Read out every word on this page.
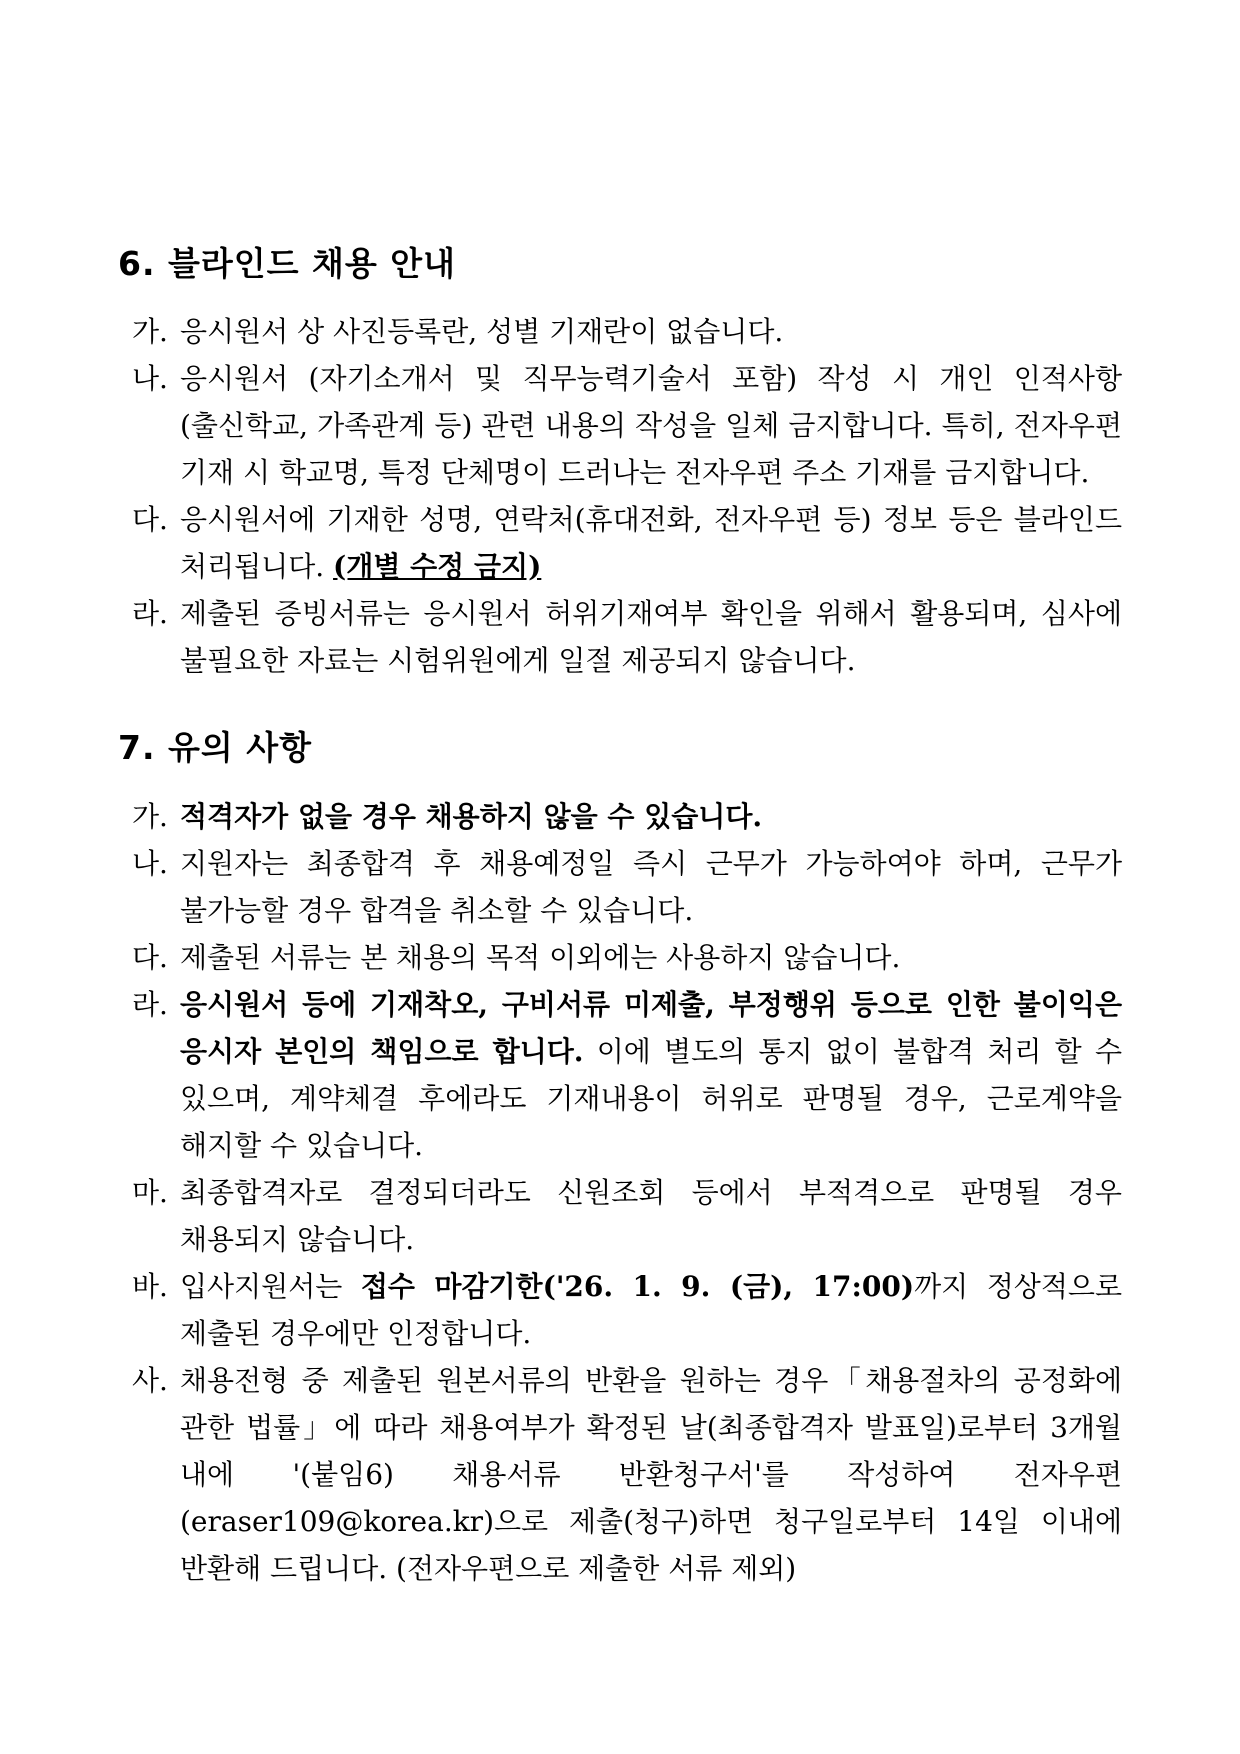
6. 블라인드 채용 안내
가. 응시원서 상 사진등록란, 성별 기재란이 없습니다.
나. 응시원서 (자기소개서 및 직무능력기술서 포함) 작성 시 개인 인적사항(출신학교, 가족관계 등) 관련 내용의 작성을 일체 금지합니다. 특히, 전자우편 기재 시 학교명, 특정 단체명이 드러나는 전자우편 주소 기재를 금지합니다.
다. 응시원서에 기재한 성명, 연락처(휴대전화, 전자우편 등) 정보 등은 블라인드 처리됩니다. (개별 수정 금지)
라. 제출된 증빙서류는 응시원서 허위기재여부 확인을 위해서 활용되며, 심사에 불필요한 자료는 시험위원에게 일절 제공되지 않습니다.
7. 유의 사항
가. 적격자가 없을 경우 채용하지 않을 수 있습니다.
나. 지원자는 최종합격 후 채용예정일 즉시 근무가 가능하여야 하며, 근무가 불가능할 경우 합격을 취소할 수 있습니다.
다. 제출된 서류는 본 채용의 목적 이외에는 사용하지 않습니다.
라. 응시원서 등에 기재착오, 구비서류 미제출, 부정행위 등으로 인한 불이익은 응시자 본인의 책임으로 합니다. 이에 별도의 통지 없이 불합격 처리 할 수 있으며, 계약체결 후에라도 기재내용이 허위로 판명될 경우, 근로계약을 해지할 수 있습니다.
마. 최종합격자로 결정되더라도 신원조회 등에서 부적격으로 판명될 경우 채용되지 않습니다.
바. 입사지원서는 접수 마감기한('26. 1. 9. (금), 17:00)까지 정상적으로 제출된 경우에만 인정합니다.
사. 채용전형 중 제출된 원본서류의 반환을 원하는 경우「채용절차의 공정화에 관한 법률」에 따라 채용여부가 확정된 날(최종합격자 발표일)로부터 3개월 내에 '(붙임6) 채용서류 반환청구서'를 작성하여 전자우편(eraser109@korea.kr)으로 제출(청구)하면 청구일로부터 14일 이내에 반환해 드립니다. (전자우편으로 제출한 서류 제외)
